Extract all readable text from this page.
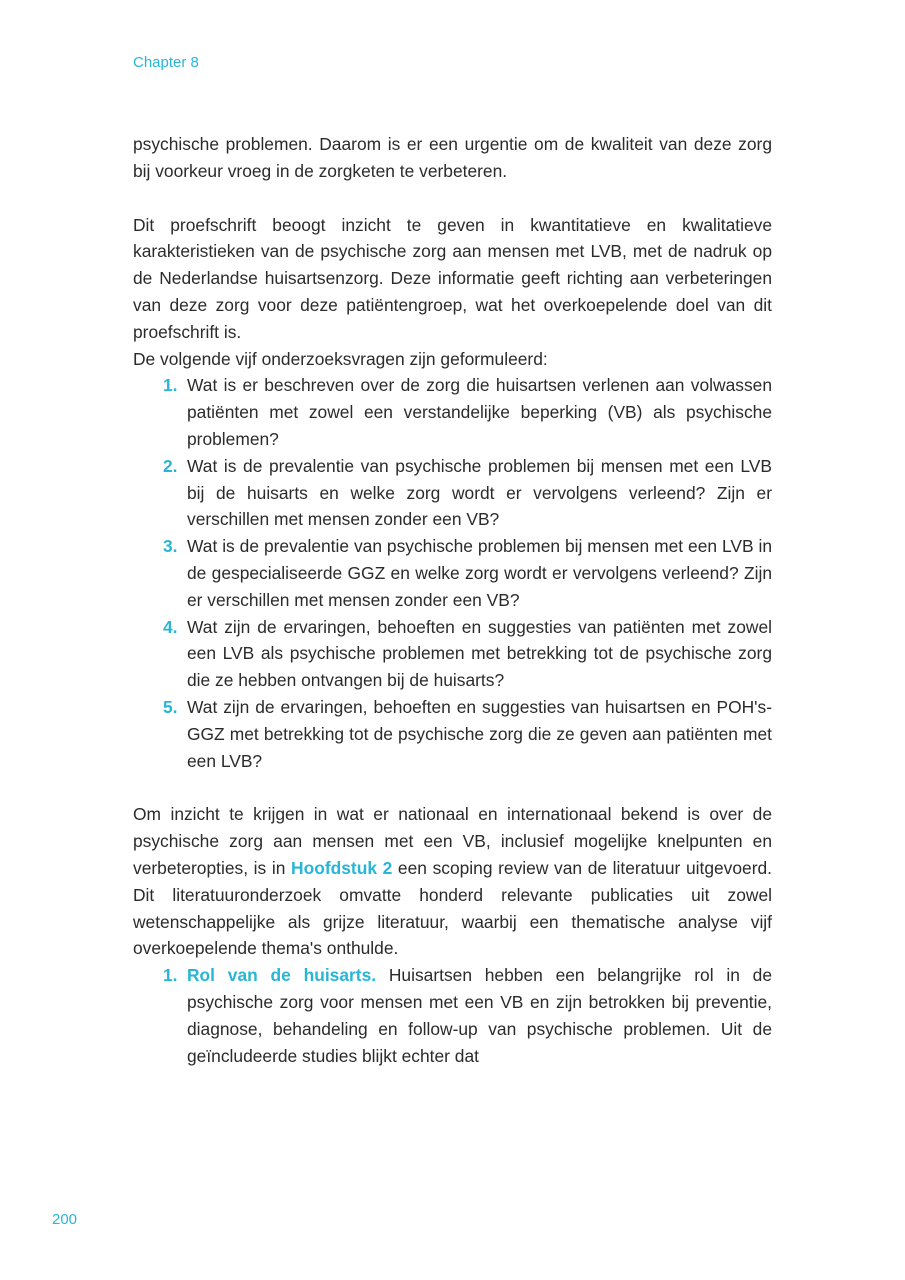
Chapter 8

psychische problemen. Daarom is er een urgentie om de kwaliteit van deze zorg bij voorkeur vroeg in de zorgketen te verbeteren.

Dit proefschrift beoogt inzicht te geven in kwantitatieve en kwalitatieve karakteristieken van de psychische zorg aan mensen met LVB, met de nadruk op de Nederlandse huisartsenzorg. Deze informatie geeft richting aan verbeteringen van deze zorg voor deze patiëntengroep, wat het overkoepelende doel van dit proefschrift is.

De volgende vijf onderzoeksvragen zijn geformuleerd:

1. Wat is er beschreven over de zorg die huisartsen verlenen aan volwassen patiënten met zowel een verstandelijke beperking (VB) als psychische problemen?
2. Wat is de prevalentie van psychische problemen bij mensen met een LVB bij de huisarts en welke zorg wordt er vervolgens verleend? Zijn er verschillen met mensen zonder een VB?
3. Wat is de prevalentie van psychische problemen bij mensen met een LVB in de gespecialiseerde GGZ en welke zorg wordt er vervolgens verleend? Zijn er verschillen met mensen zonder een VB?
4. Wat zijn de ervaringen, behoeften en suggesties van patiënten met zowel een LVB als psychische problemen met betrekking tot de psychische zorg die ze hebben ontvangen bij de huisarts?
5. Wat zijn de ervaringen, behoeften en suggesties van huisartsen en POH's-GGZ met betrekking tot de psychische zorg die ze geven aan patiënten met een LVB?

Om inzicht te krijgen in wat er nationaal en internationaal bekend is over de psychische zorg aan mensen met een VB, inclusief mogelijke knelpunten en verbeteropties, is in Hoofdstuk 2 een scoping review van de literatuur uitgevoerd. Dit literatuuronderzoek omvatte honderd relevante publicaties uit zowel wetenschappelijke als grijze literatuur, waarbij een thematische analyse vijf overkoepelende thema's onthulde.

1. Rol van de huisarts. Huisartsen hebben een belangrijke rol in de psychische zorg voor mensen met een VB en zijn betrokken bij preventie, diagnose, behandeling en follow-up van psychische problemen. Uit de geïncludeerde studies blijkt echter dat
200
